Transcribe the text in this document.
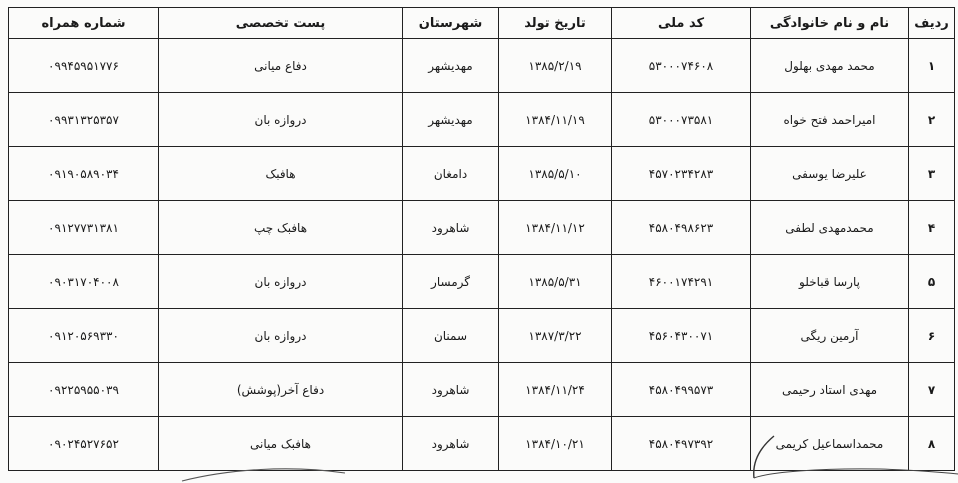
ردیف	نام و نام خانوادگی	کد ملی	تاریخ تولد	شهرستان	پست تخصصی	شماره همراه
۱	محمد مهدی بهلول	۵۳۰۰۰۷۴۶۰۸	۱۳۸۵/۲/۱۹	مهدیشهر	دفاع میانی	۰۹۹۴۵۹۵۱۷۷۶
۲	امیراحمد فتح خواه	۵۳۰۰۰۷۳۵۸۱	۱۳۸۴/۱۱/۱۹	مهدیشهر	دروازه بان	۰۹۹۳۱۳۲۵۳۵۷
۳	علیرضا یوسفی	۴۵۷۰۲۳۴۲۸۳	۱۳۸۵/۵/۱۰	دامغان	هافبک	۰۹۱۹۰۵۸۹۰۳۴
۴	محمدمهدی لطفی	۴۵۸۰۴۹۸۶۲۳	۱۳۸۴/۱۱/۱۲	شاهرود	هافبک چپ	۰۹۱۲۷۷۳۱۳۸۱
۵	پارسا قباخلو	۴۶۰۰۱۷۴۲۹۱	۱۳۸۵/۵/۳۱	گرمسار	دروازه بان	۰۹۰۳۱۷۰۴۰۰۸
۶	آرمین ریگی	۴۵۶۰۴۳۰۰۷۱	۱۳۸۷/۳/۲۲	سمنان	دروازه بان	۰۹۱۲۰۵۶۹۳۳۰
۷	مهدی استاد رحیمی	۴۵۸۰۴۹۹۵۷۳	۱۳۸۴/۱۱/۲۴	شاهرود	دفاع آخر(پوشش)	۰۹۲۲۵۹۵۵۰۳۹
۸	محمداسماعیل کریمی	۴۵۸۰۴۹۷۳۹۲	۱۳۸۴/۱۰/۲۱	شاهرود	هافبک میانی	۰۹۰۲۴۵۲۷۶۵۲
